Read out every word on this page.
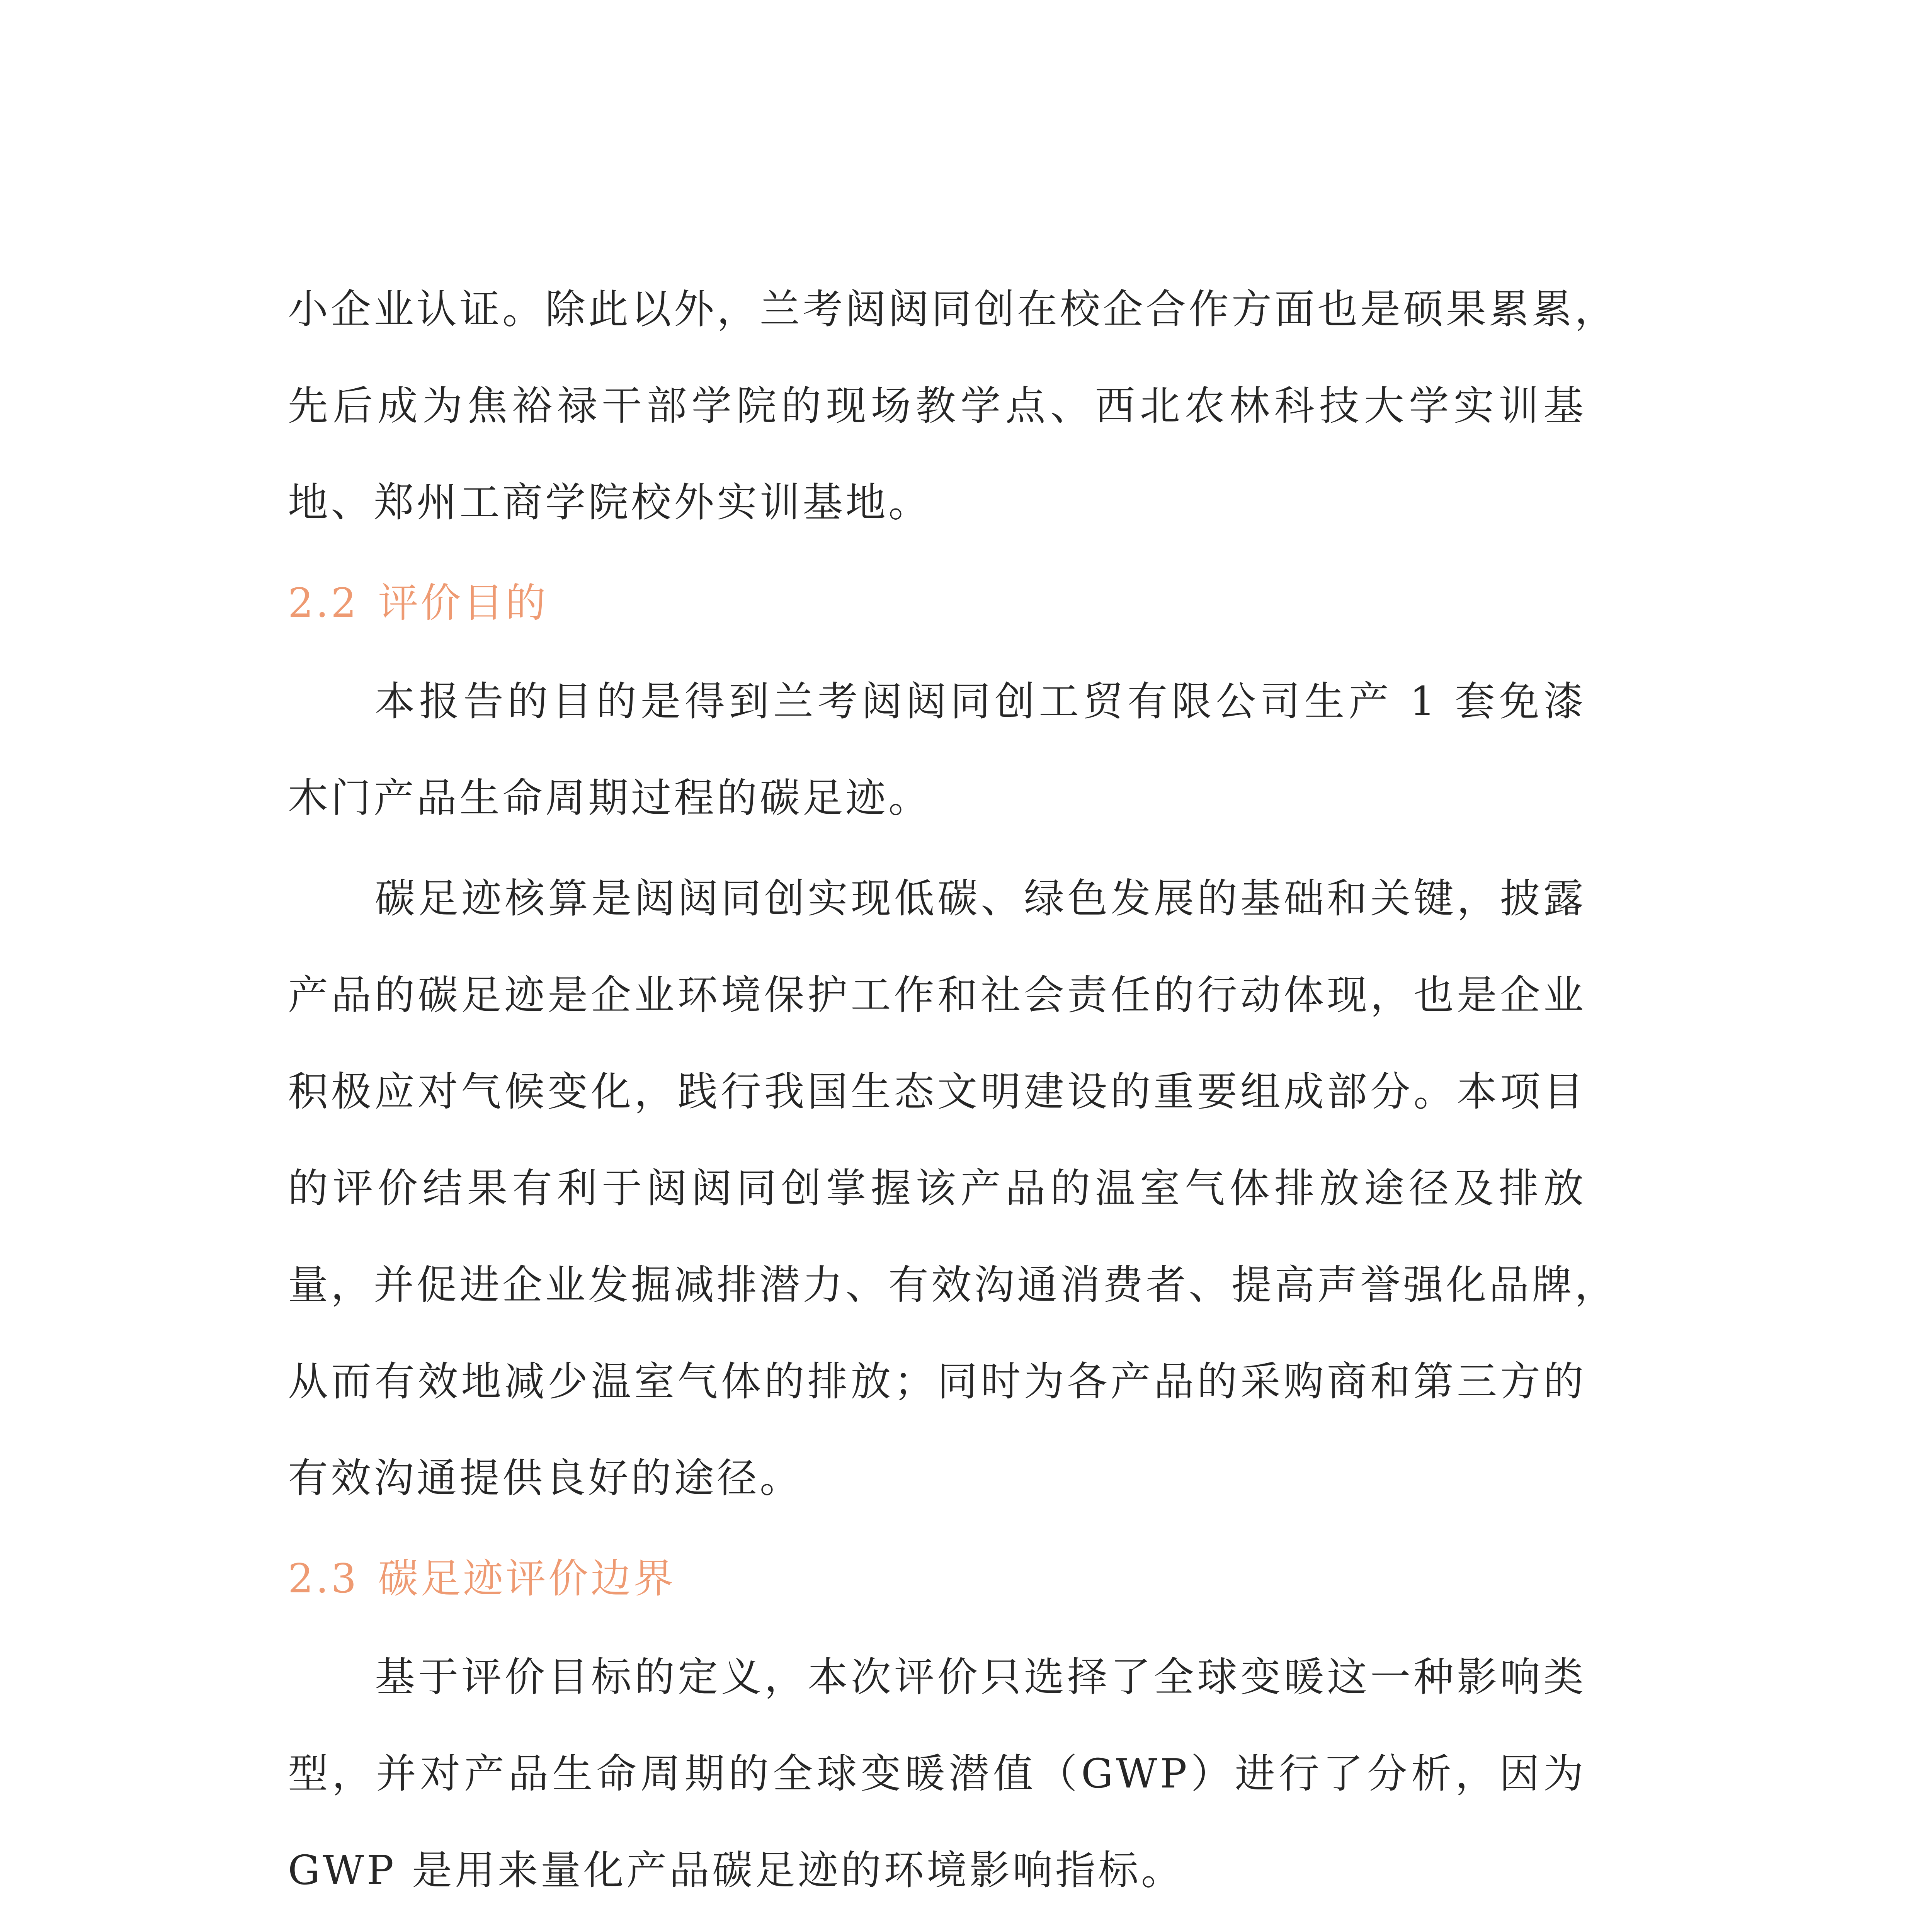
小企业认证。除此以外，兰考闼闼同创在校企合作方面也是硕果累累，
先后成为焦裕禄干部学院的现场教学点、西北农林科技大学实训基
地、郑州工商学院校外实训基地。

2.2 评价目的

本报告的目的是得到兰考闼闼同创工贸有限公司生产 1 套免漆
木门产品生命周期过程的碳足迹。

碳足迹核算是闼闼同创实现低碳、绿色发展的基础和关键，披露
产品的碳足迹是企业环境保护工作和社会责任的行动体现，也是企业
积极应对气候变化，践行我国生态文明建设的重要组成部分。本项目
的评价结果有利于闼闼同创掌握该产品的温室气体排放途径及排放
量，并促进企业发掘减排潜力、有效沟通消费者、提高声誉强化品牌，
从而有效地减少温室气体的排放；同时为各产品的采购商和第三方的
有效沟通提供良好的途径。

2.3 碳足迹评价边界

基于评价目标的定义，本次评价只选择了全球变暖这一种影响类
型，并对产品生命周期的全球变暖潜值（GWP）进行了分析，因为
GWP 是用来量化产品碳足迹的环境影响指标。
